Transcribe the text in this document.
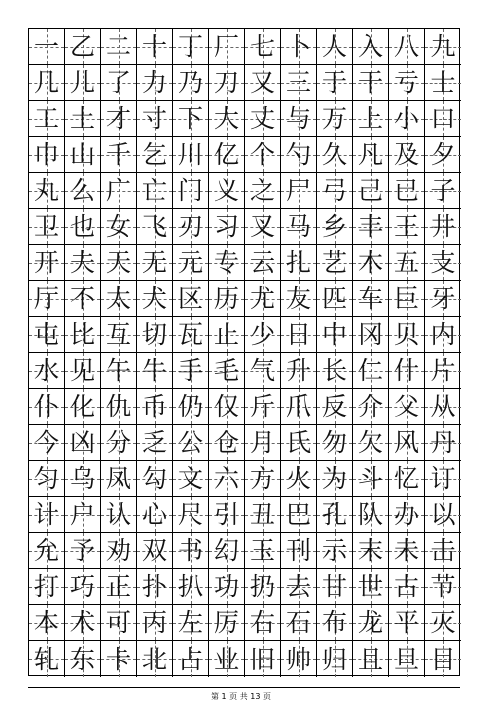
一 乙 二 十 丁 厂 七 卜 人 入 八 九
几 儿 了 力 乃 刀 又 三 于 干 亏 士
工 土 才 寸 下 大 丈 与 万 上 小 口
巾 山 千 乞 川 亿 个 勺 久 凡 及 夕
丸 么 广 亡 门 义 之 尸 弓 己 已 子
卫 也 女 飞 刃 习 叉 马 乡 丰 王 井
开 夫 天 无 元 专 云 扎 艺 木 五 支
厅 不 太 犬 区 历 尤 友 匹 车 巨 牙
屯 比 互 切 瓦 止 少 日 中 冈 贝 内
水 见 午 牛 手 毛 气 升 长 仁 什 片
仆 化 仇 币 仍 仅 斤 爪 反 介 父 从
今 凶 分 乏 公 仓 月 氏 勿 欠 风 丹
匀 乌 凤 勾 文 六 方 火 为 斗 忆 订
计 户 认 心 尺 引 丑 巴 孔 队 办 以
允 予 劝 双 书 幻 玉 刊 示 末 未 击
打 巧 正 扑 扒 功 扔 去 甘 世 古 节
本 术 可 丙 左 厉 右 石 布 龙 平 灭
轧 东 卡 北 占 业 旧 帅 归 且 旦 目
第 1 页 共 13 页
